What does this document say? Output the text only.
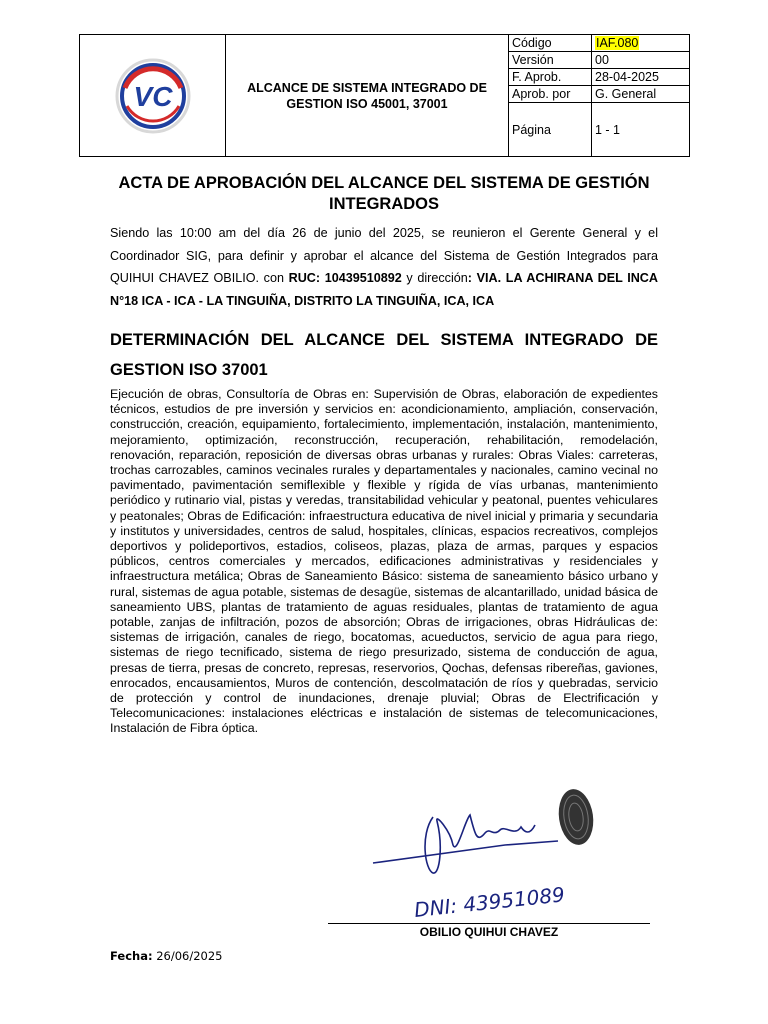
VC	ALCANCE DE SISTEMA INTEGRADO DE GESTION ISO 45001, 37001
Código	IAF.080
Versión	00
F. Aprob.	28-04-2025
Aprob. por	G. General
Página	1 - 1
ACTA DE APROBACIÓN DEL ALCANCE DEL SISTEMA DE GESTIÓN INTEGRADOS

Siendo las 10:00 am del día 26 de junio del 2025, se reunieron el Gerente General y el Coordinador SIG, para definir y aprobar el alcance del Sistema de Gestión Integrados para QUIHUI CHAVEZ OBILIO. con RUC: 10439510892 y dirección: VIA. LA ACHIRANA DEL INCA N°18 ICA - ICA - LA TINGUIÑA, DISTRITO LA TINGUIÑA, ICA, ICA

DETERMINACIÓN DEL ALCANCE DEL SISTEMA INTEGRADO DE GESTION ISO 37001

Ejecución de obras, Consultoría de Obras en: Supervisión de Obras, elaboración de expedientes técnicos, estudios de pre inversión y servicios en: acondicionamiento, ampliación, conservación, construcción, creación, equipamiento, fortalecimiento, implementación, instalación, mantenimiento, mejoramiento, optimización, reconstrucción, recuperación, rehabilitación, remodelación, renovación, reparación, reposición de diversas obras urbanas y rurales: Obras Viales: carreteras, trochas carrozables, caminos vecinales rurales y departamentales y nacionales, camino vecinal no pavimentado, pavimentación semiflexible y flexible y rígida de vías urbanas, mantenimiento periódico y rutinario vial, pistas y veredas, transitabilidad vehicular y peatonal, puentes vehiculares y peatonales; Obras de Edificación: infraestructura educativa de nivel inicial y primaria y secundaria y institutos y universidades, centros de salud, hospitales, clínicas, espacios recreativos, complejos deportivos y polideportivos, estadios, coliseos, plazas, plaza de armas, parques y espacios públicos, centros comerciales y mercados, edificaciones administrativas y residenciales y infraestructura metálica; Obras de Saneamiento Básico: sistema de saneamiento básico urbano y rural, sistemas de agua potable, sistemas de desagüe, sistemas de alcantarillado, unidad básica de saneamiento UBS, plantas de tratamiento de aguas residuales, plantas de tratamiento de agua potable, zanjas de infiltración, pozos de absorción; Obras de irrigaciones, obras Hidráulicas de: sistemas de irrigación, canales de riego, bocatomas, acueductos, servicio de agua para riego, sistemas de riego tecnificado, sistema de riego presurizado, sistema de conducción de agua, presas de tierra, presas de concreto, represas, reservorios, Qochas, defensas ribereñas, gaviones, enrocados, encausamientos, Muros de contención, descolmatación de ríos y quebradas, servicio de protección y control de inundaciones, drenaje pluvial; Obras de Electrificación y Telecomunicaciones: instalaciones eléctricas e instalación de sistemas de telecomunicaciones, Instalación de Fibra óptica.

DNI: 43951089
OBILIO QUIHUI CHAVEZ
Fecha: 26/06/2025
